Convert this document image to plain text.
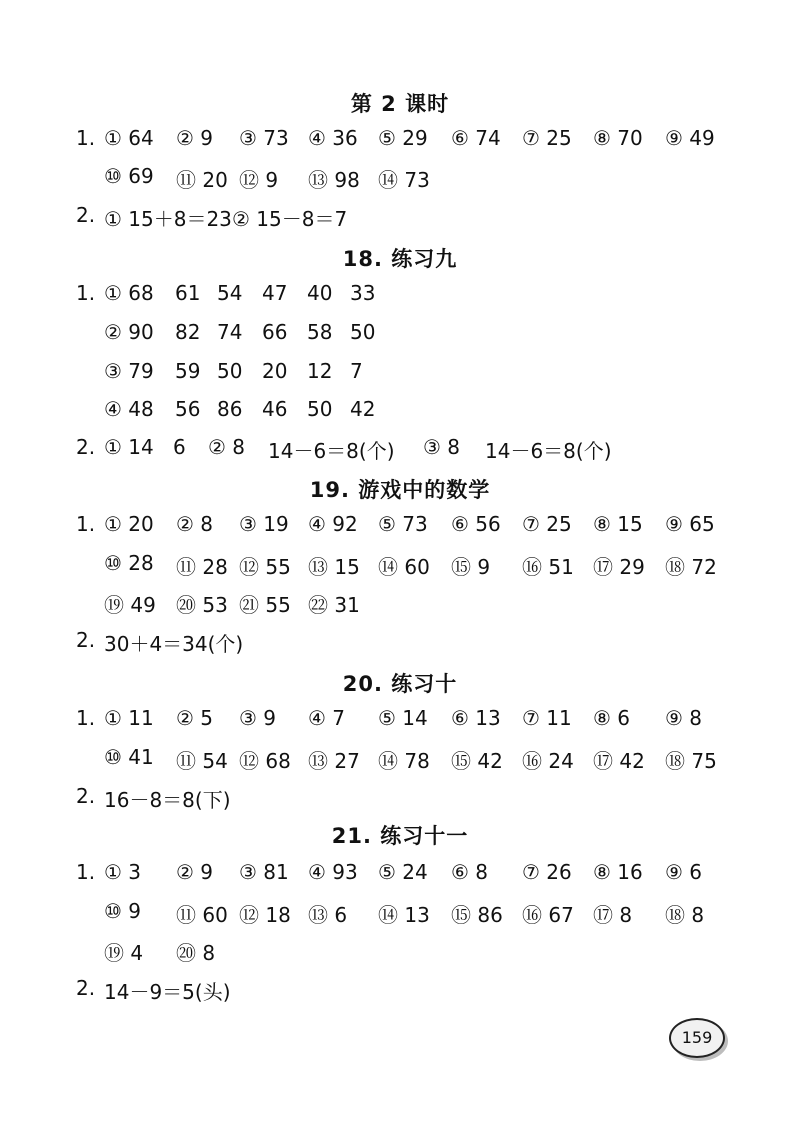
第 2 课时
18. 练习九
19. 游戏中的数学
20. 练习十
21. 练习十一
1. ① 64 ② 9 ③ 73 ④ 36 ⑤ 29 ⑥ 74 ⑦ 25 ⑧ 70 ⑨ 49
⑩ 69 ⑪ 20 ⑫ 9 ⑬ 98 ⑭ 73
2. ① 15＋8＝23 ② 15－8＝7
1. ① 68 61 54 47 40 33
② 90 82 74 66 58 50
③ 79 59 50 20 12 7
④ 48 56 86 46 50 42
2. ① 14 6 ② 8 14－6＝8(个) ③ 8 14－6＝8(个)
1. ① 20 ② 8 ③ 19 ④ 92 ⑤ 73 ⑥ 56 ⑦ 25 ⑧ 15 ⑨ 65
⑩ 28 ⑪ 28 ⑫ 55 ⑬ 15 ⑭ 60 ⑮ 9 ⑯ 51 ⑰ 29 ⑱ 72
⑲ 49 ⑳ 53 ㉑ 55 ㉒ 31
2. 30＋4＝34(个)
1. ① 11 ② 5 ③ 9 ④ 7 ⑤ 14 ⑥ 13 ⑦ 11 ⑧ 6 ⑨ 8
⑩ 41 ⑪ 54 ⑫ 68 ⑬ 27 ⑭ 78 ⑮ 42 ⑯ 24 ⑰ 42 ⑱ 75
2. 16－8＝8(下)
1. ① 3 ② 9 ③ 81 ④ 93 ⑤ 24 ⑥ 8 ⑦ 26 ⑧ 16 ⑨ 6
⑩ 9 ⑪ 60 ⑫ 18 ⑬ 6 ⑭ 13 ⑮ 86 ⑯ 67 ⑰ 8 ⑱ 8
⑲ 4 ⑳ 8
2. 14－9＝5(头)
159
